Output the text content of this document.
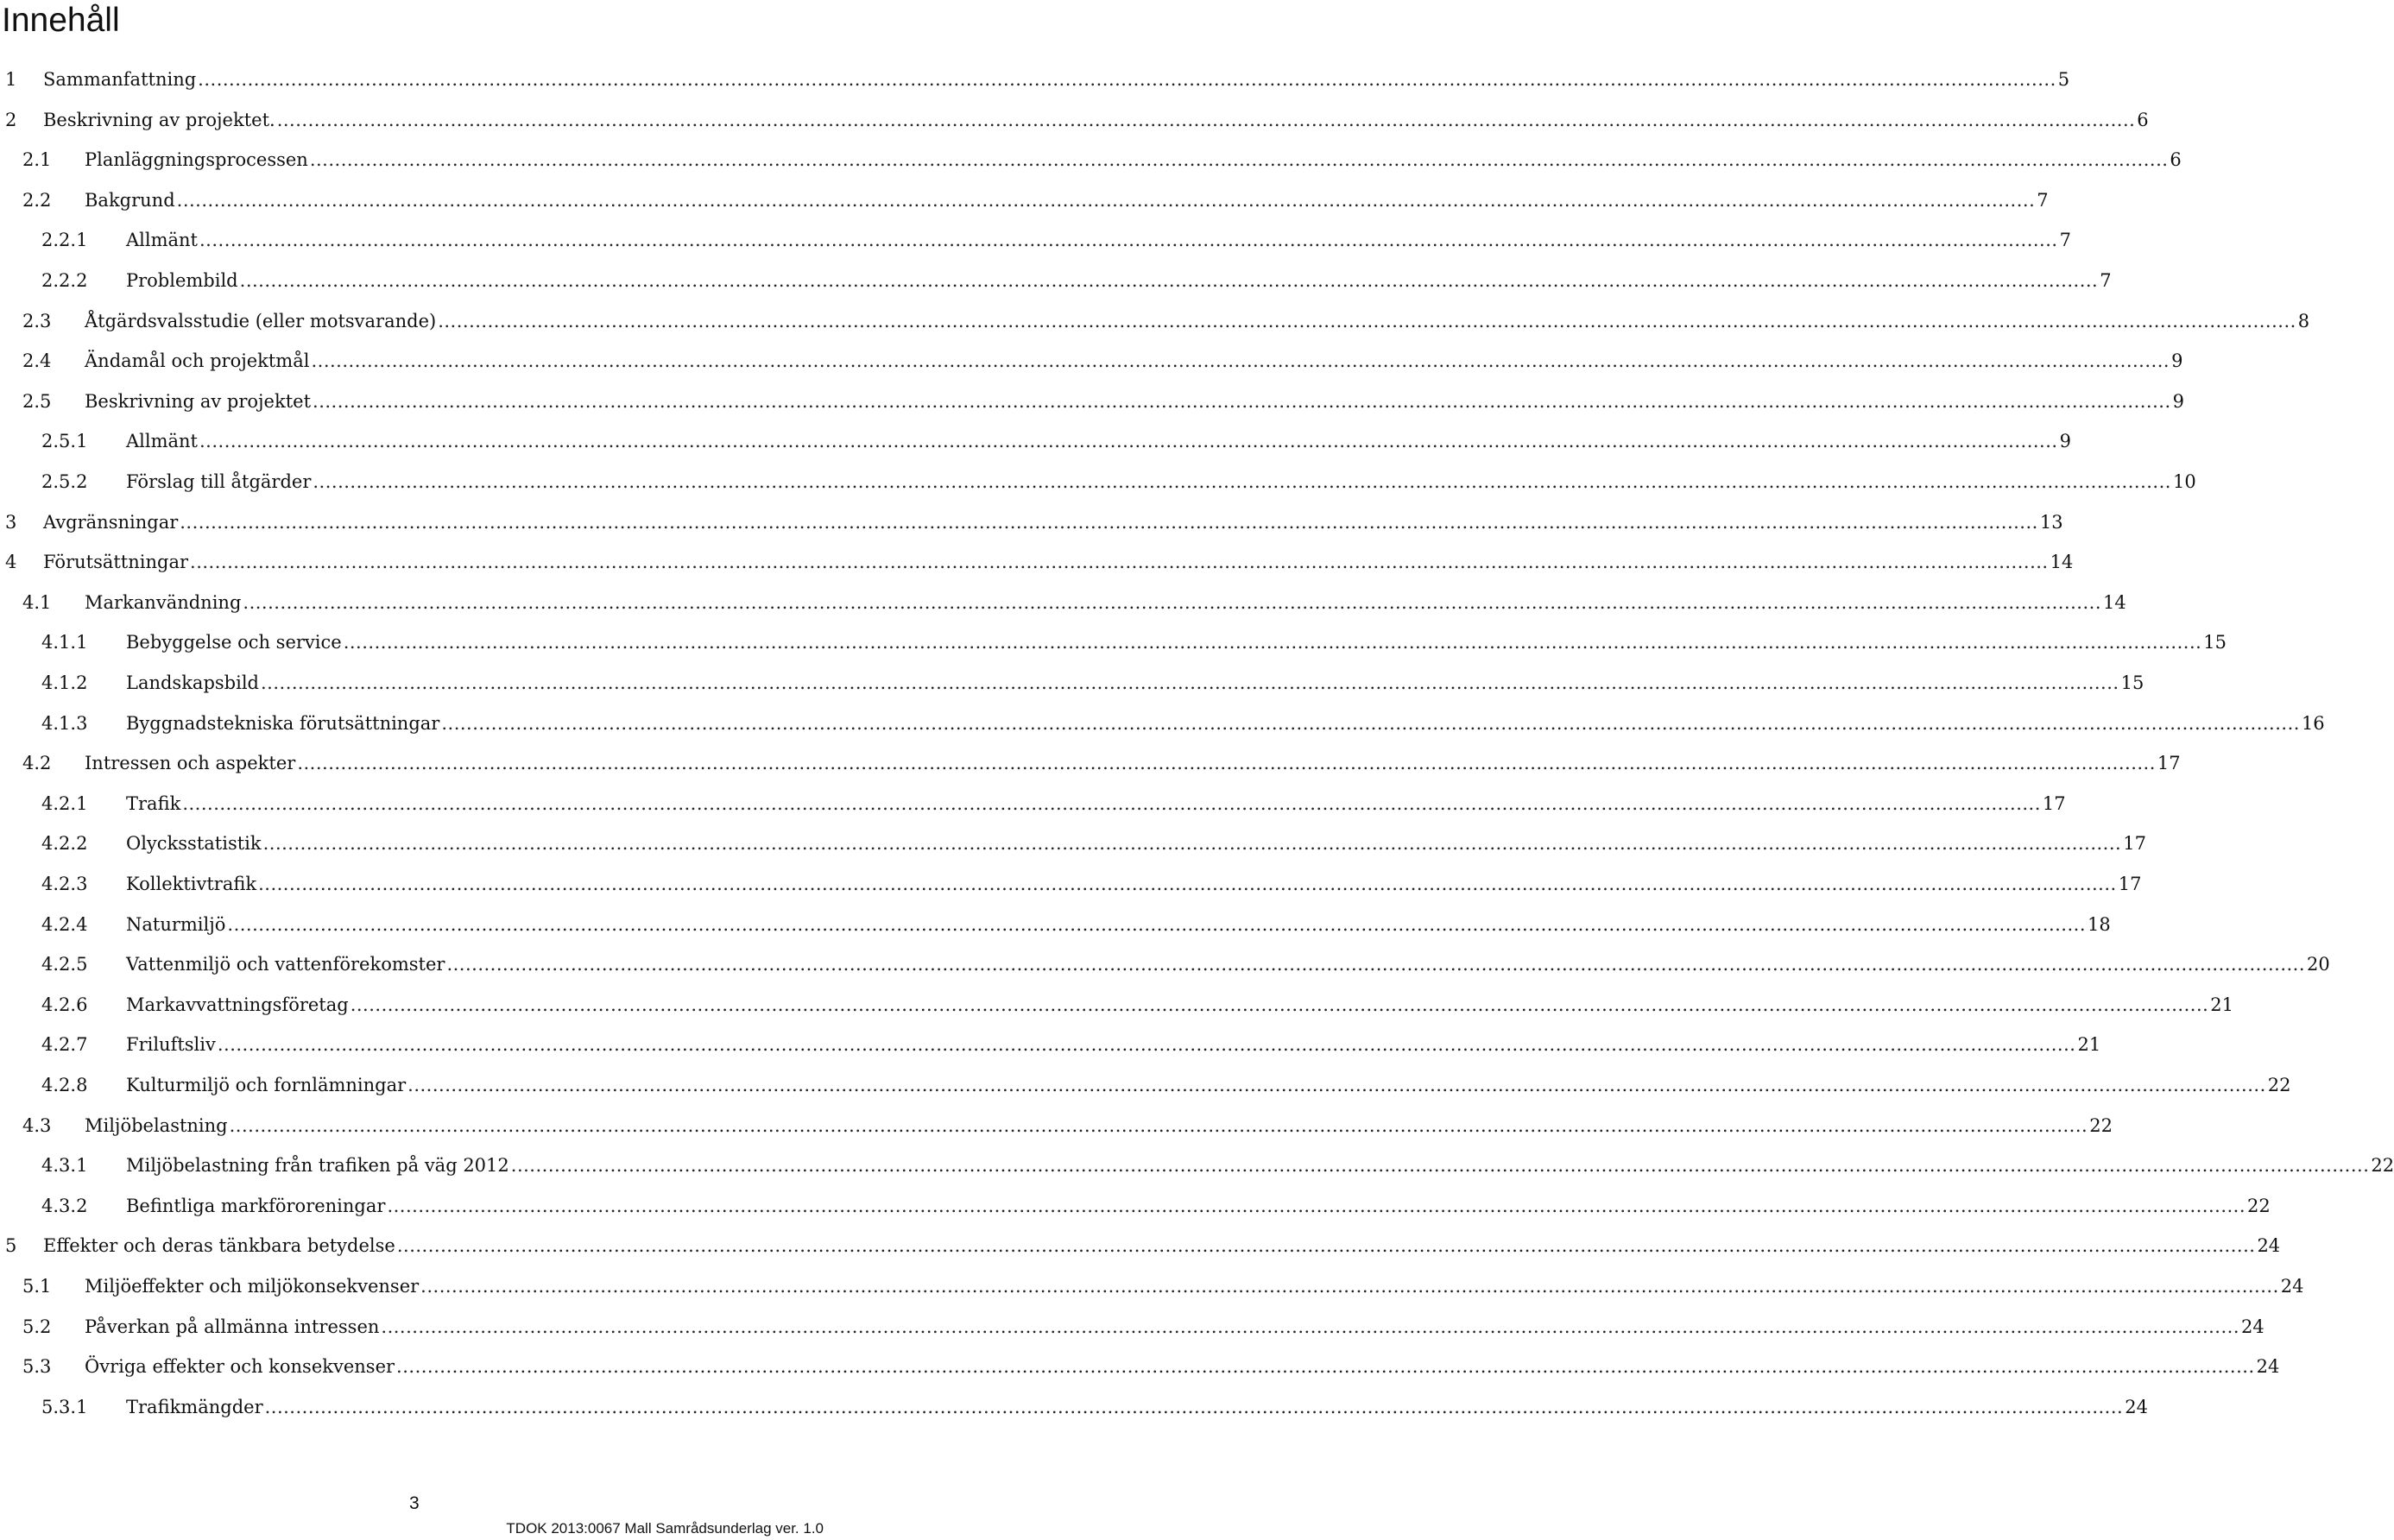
Innehåll
1 Sammanfattning ............................................................................................................................................................................................................................................................................................................ 5
2 Beskrivning av projektet. ............................................................................................................................................................................................................................................................................................................ 6
2.1 Planläggningsprocessen ............................................................................................................................................................................................................................................................................................................ 6
2.2 Bakgrund ............................................................................................................................................................................................................................................................................................................ 7
2.2.1 Allmänt ............................................................................................................................................................................................................................................................................................................ 7
2.2.2 Problembild ............................................................................................................................................................................................................................................................................................................ 7
2.3 Åtgärdsvalsstudie (eller motsvarande) ............................................................................................................................................................................................................................................................................................................ 8
2.4 Ändamål och projektmål ............................................................................................................................................................................................................................................................................................................ 9
2.5 Beskrivning av projektet ............................................................................................................................................................................................................................................................................................................ 9
2.5.1 Allmänt ............................................................................................................................................................................................................................................................................................................ 9
2.5.2 Förslag till åtgärder ............................................................................................................................................................................................................................................................................................................ 10
3 Avgränsningar ............................................................................................................................................................................................................................................................................................................ 13
4 Förutsättningar ............................................................................................................................................................................................................................................................................................................ 14
4.1 Markanvändning ............................................................................................................................................................................................................................................................................................................ 14
4.1.1 Bebyggelse och service ............................................................................................................................................................................................................................................................................................................ 15
4.1.2 Landskapsbild ............................................................................................................................................................................................................................................................................................................ 15
4.1.3 Byggnadstekniska förutsättningar ............................................................................................................................................................................................................................................................................................................ 16
4.2 Intressen och aspekter ............................................................................................................................................................................................................................................................................................................ 17
4.2.1 Trafik ............................................................................................................................................................................................................................................................................................................ 17
4.2.2 Olycksstatistik ............................................................................................................................................................................................................................................................................................................ 17
4.2.3 Kollektivtrafik ............................................................................................................................................................................................................................................................................................................ 17
4.2.4 Naturmiljö ............................................................................................................................................................................................................................................................................................................ 18
4.2.5 Vattenmiljö och vattenförekomster ............................................................................................................................................................................................................................................................................................................ 20
4.2.6 Markavvattningsföretag ............................................................................................................................................................................................................................................................................................................ 21
4.2.7 Friluftsliv ............................................................................................................................................................................................................................................................................................................ 21
4.2.8 Kulturmiljö och fornlämningar ............................................................................................................................................................................................................................................................................................................ 22
4.3 Miljöbelastning ............................................................................................................................................................................................................................................................................................................ 22
4.3.1 Miljöbelastning från trafiken på väg 2012 ............................................................................................................................................................................................................................................................................................................ 22
4.3.2 Befintliga markföroreningar ............................................................................................................................................................................................................................................................................................................ 22
5 Effekter och deras tänkbara betydelse ............................................................................................................................................................................................................................................................................................................ 24
5.1 Miljöeffekter och miljökonsekvenser ............................................................................................................................................................................................................................................................................................................ 24
5.2 Påverkan på allmänna intressen ............................................................................................................................................................................................................................................................................................................ 24
5.3 Övriga effekter och konsekvenser ............................................................................................................................................................................................................................................................................................................ 24
5.3.1 Trafikmängder ............................................................................................................................................................................................................................................................................................................ 24
3
TDOK 2013:0067 Mall Samrådsunderlag ver. 1.0
